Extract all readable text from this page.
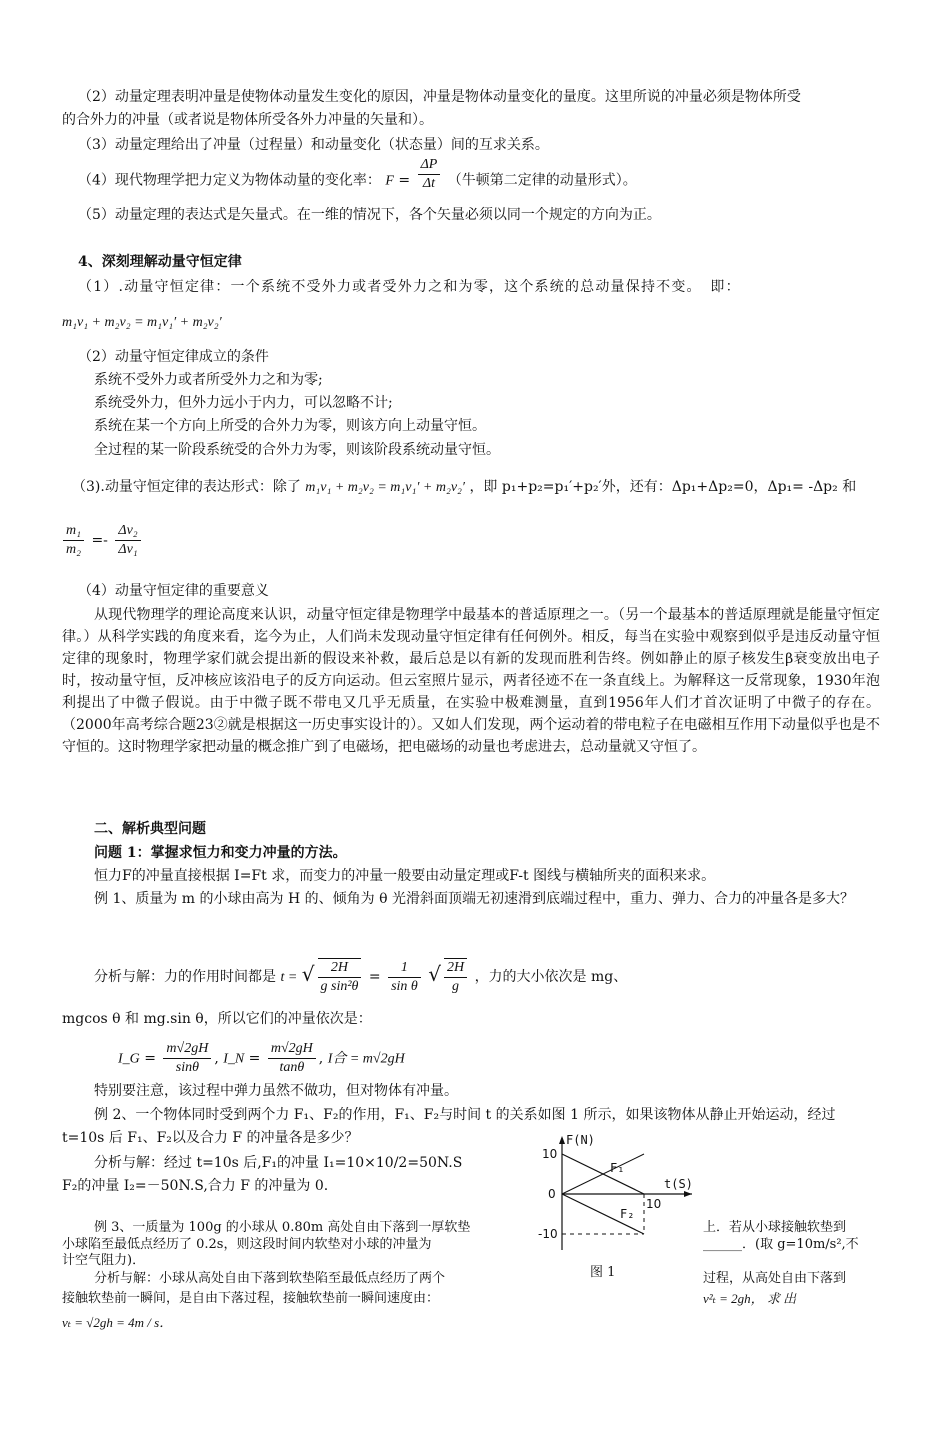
（2）动量定理表明冲量是使物体动量发生变化的原因，冲量是物体动量变化的量度。这里所说的冲量必须是物体所受
的合外力的冲量（或者说是物体所受各外力冲量的矢量和）。
（3）动量定理给出了冲量（过程量）和动量变化（状态量）间的互求关系。
（4）现代物理学把力定义为物体动量的变化率： $F = \frac{\Delta P}{\Delta t}$ （牛顿第二定律的动量形式）。
（5）动量定理的表达式是矢量式。在一维的情况下，各个矢量必须以同一个规定的方向为正。
4、深刻理解动量守恒定律
（1）.动量守恒定律：一个系统不受外力或者受外力之和为零，这个系统的总动量保持不变。 即：
m₁v₁ + m₂v₂ = m₁v₁′ + m₂v₂′
（2）动量守恒定律成立的条件
系统不受外力或者所受外力之和为零;
系统受外力，但外力远小于内力，可以忽略不计;
系统在某一个方向上所受的合外力为零，则该方向上动量守恒。
全过程的某一阶段系统受的合外力为零，则该阶段系统动量守恒。
（3).动量守恒定律的表达形式：除了 m₁v₁ + m₂v₂ = m₁v₁′ + m₂v₂′ ，即 p₁+p₂=p₁′+p₂′外，还有：Δp₁+Δp₂=0，Δp₁= -Δp₂ 和
$\frac{\text{m₁}}{\text{m₂}} =- \frac{\text{Δv₂}}{\text{Δv₁}}$
（4）动量守恒定律的重要意义
从现代物理学的理论高度来认识，动量守恒定律是物理学中最基本的普适原理之一。（另一个最基本的普适原理就是能量守恒定律。）从科学实践的角度来看，迄今为止，人们尚未发现动量守恒定律有任何例外。相反，每当在实验中观察到似乎是违反动量守恒定律的现象时，物理学家们就会提出新的假设来补救，最后总是以有新的发现而胜利告终。例如静止的原子核发生β衰变放出电子时，按动量守恒，反冲核应该沿电子的反方向运动。但云室照片显示，两者径迹不在一条直线上。为解释这一反常现象，1930年泡利提出了中微子假说。由于中微子既不带电又几乎无质量，在实验中极难测量，直到1956年人们才首次证明了中微子的存在。（2000年高考综合题23②就是根据这一历史事实设计的）。又如人们发现，两个运动着的带电粒子在电磁相互作用下动量似乎也是不守恒的。这时物理学家把动量的概念推广到了电磁场，把电磁场的动量也考虑进去，总动量就又守恒了。
二、解析典型问题
问题 1：掌握求恒力和变力冲量的方法。
恒力F的冲量直接根据 I=Ft 求，而变力的冲量一般要由动量定理或F-t 图线与横轴所夹的面积来求。
例 1、质量为 m 的小球由高为 H 的、倾角为 θ 光滑斜面顶端无初速滑到底端过程中，重力、弹力、合力的冲量各是多大？
分析与解：力的作用时间都是 t = √ $\frac{2H}{\text{g sin²θ}} = \frac{1}{\text{sin θ}}$ √ $\frac{2H}{g}$ ，力的大小依次是 mg、
mgcos θ 和 mg.sin θ，所以它们的冲量依次是：
I_G = $\frac{m√2gH}{\sin\theta}$ , I_N = $\frac{m√2gH}{\tan\theta}$ , I合 = m√2gH
特别要注意，该过程中弹力虽然不做功，但对物体有冲量。
例 2、一个物体同时受到两个力 F₁、F₂的作用，F₁、F₂与时间 t 的关系如图 1 所示，如果该物体从静止开始运动，经过
t=10s 后 F₁、F₂以及合力 F 的冲量各是多少？
分析与解：经过 t=10s 后,F₁的冲量 I₁=10×10/2=50N.S
F₂的冲量 I₂=－50N.S,合力 F 的冲量为 0.
例 3、一质量为 100g 的小球从 0.80m 高处自由下落到一厚软垫	上．若从小球接触软垫到
小球陷至最低点经历了 0.2s，则这段时间内软垫对小球的冲量为	______．(取 g=10m/s²,不
计空气阻力)．
分析与解：小球从高处自由下落到软垫陷至最低点经历了两个	过程，从高处自由下落到
接触软垫前一瞬间，是自由下落过程，接触软垫前一瞬间速度由：	v²ₜ = 2gh， 求 出
vₜ = √2gh = 4m / s．
F(N)
t(S)
10
0
-10
10
F₁
F₂
图 1
